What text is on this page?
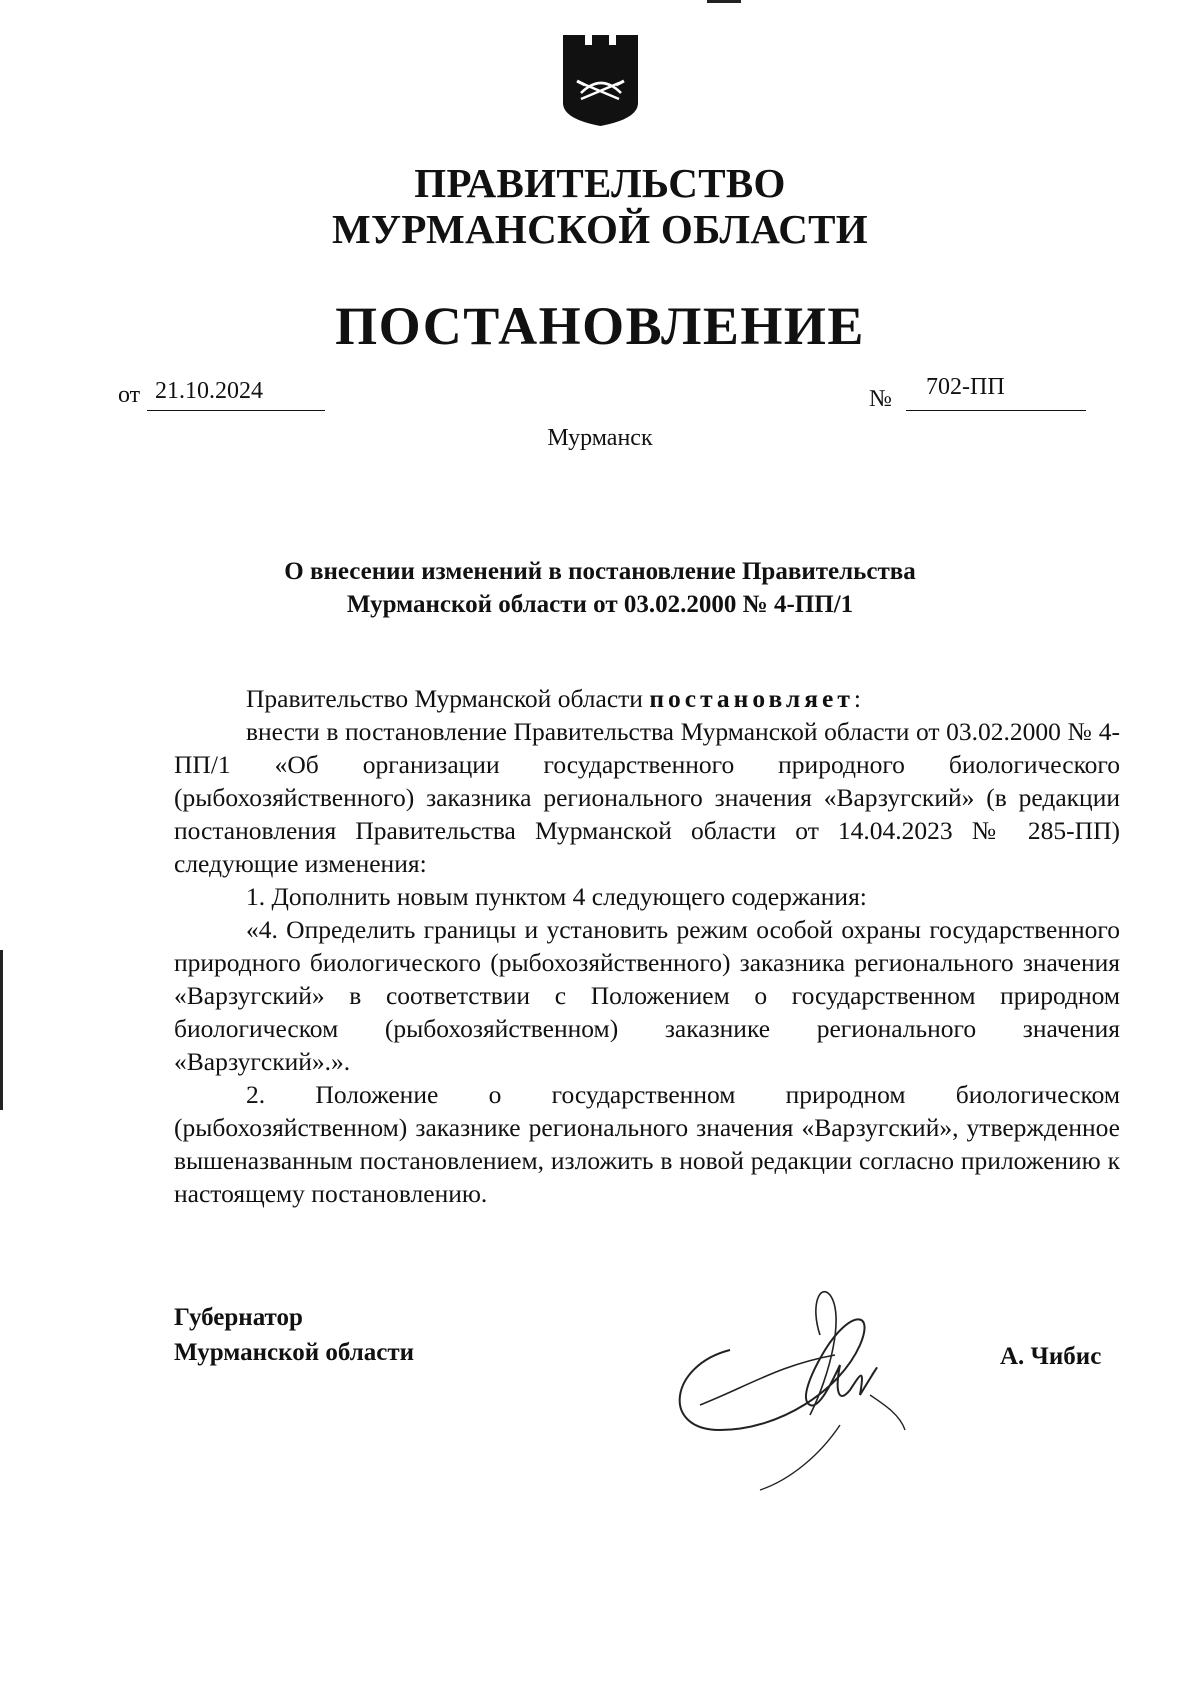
ПРАВИТЕЛЬСТВО
МУРМАНСКОЙ ОБЛАСТИ
ПОСТАНОВЛЕНИЕ
от 21.10.2024	№	702-ПП
Мурманск
О внесении изменений в постановление Правительства
Мурманской области от 03.02.2000 № 4-ПП/1

Правительство Мурманской области постановляет:

внести в постановление Правительства Мурманской области от 03.02.2000 № 4-ПП/1 «Об организации государственного природного биологического (рыбохозяйственного) заказника регионального значения «Варзугский» (в редакции постановления Правительства Мурманской области от 14.04.2023 № 285-ПП) следующие изменения:

1. Дополнить новым пунктом 4 следующего содержания:

«4. Определить границы и установить режим особой охраны государственного природного биологического (рыбохозяйственного) заказника регионального значения «Варзугский» в соответствии с Положением о государственном природном биологическом (рыбохозяйственном) заказнике регионального значения «Варзугский».».

2. Положение о государственном природном биологическом (рыбохозяйственном) заказнике регионального значения «Варзугский», утвержденное вышеназванным постановлением, изложить в новой редакции согласно приложению к настоящему постановлению.

Губернатор
Мурманской области	А. Чибис
